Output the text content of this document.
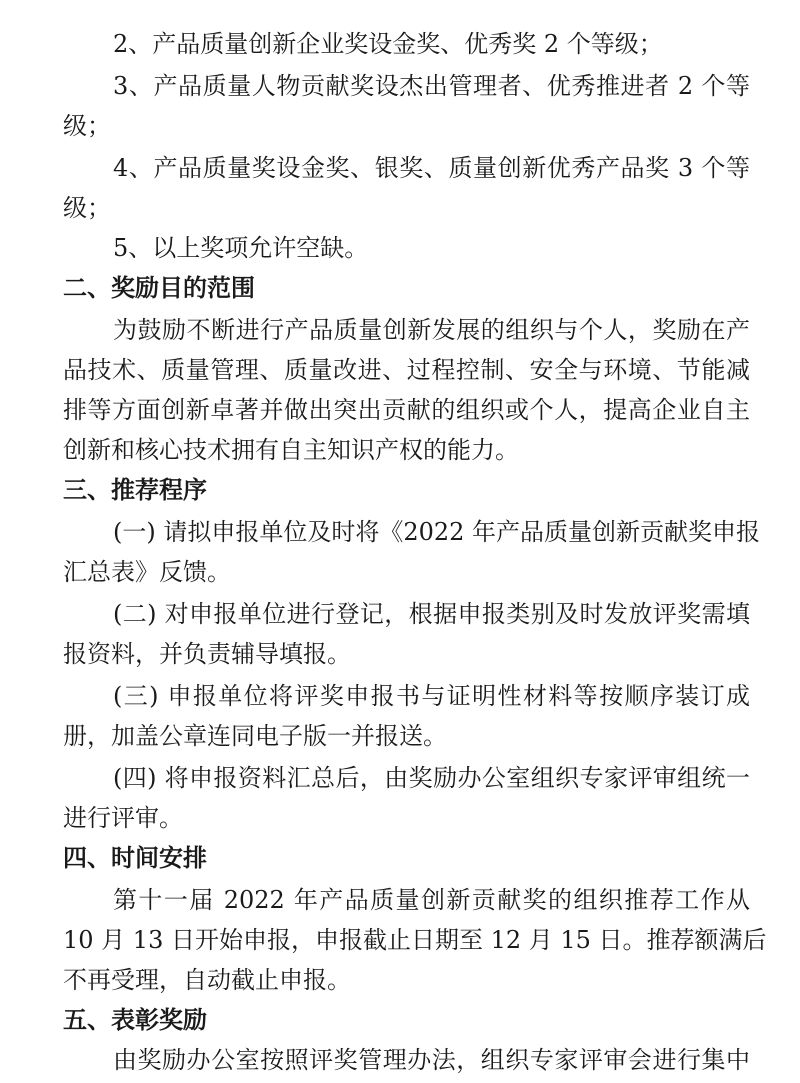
2、产品质量创新企业奖设金奖、优秀奖 2 个等级；
3、产品质量人物贡献奖设杰出管理者、优秀推进者 2 个等
级；
4、产品质量奖设金奖、银奖、质量创新优秀产品奖 3 个等
级；
5、以上奖项允许空缺。
二、奖励目的范围
为鼓励不断进行产品质量创新发展的组织与个人，奖励在产
品技术、质量管理、质量改进、过程控制、安全与环境、节能减
排等方面创新卓著并做出突出贡献的组织或个人，提高企业自主
创新和核心技术拥有自主知识产权的能力。
三、推荐程序
(一) 请拟申报单位及时将《2022 年产品质量创新贡献奖申报
汇总表》反馈。
(二) 对申报单位进行登记，根据申报类别及时发放评奖需填
报资料，并负责辅导填报。
(三) 申报单位将评奖申报书与证明性材料等按顺序装订成
册，加盖公章连同电子版一并报送。
(四) 将申报资料汇总后，由奖励办公室组织专家评审组统一
进行评审。
四、时间安排
第十一届 2022 年产品质量创新贡献奖的组织推荐工作从
10 月 13 日开始申报，申报截止日期至 12 月 15 日。推荐额满后
不再受理，自动截止申报。
五、表彰奖励
由奖励办公室按照评奖管理办法，组织专家评审会进行集中
